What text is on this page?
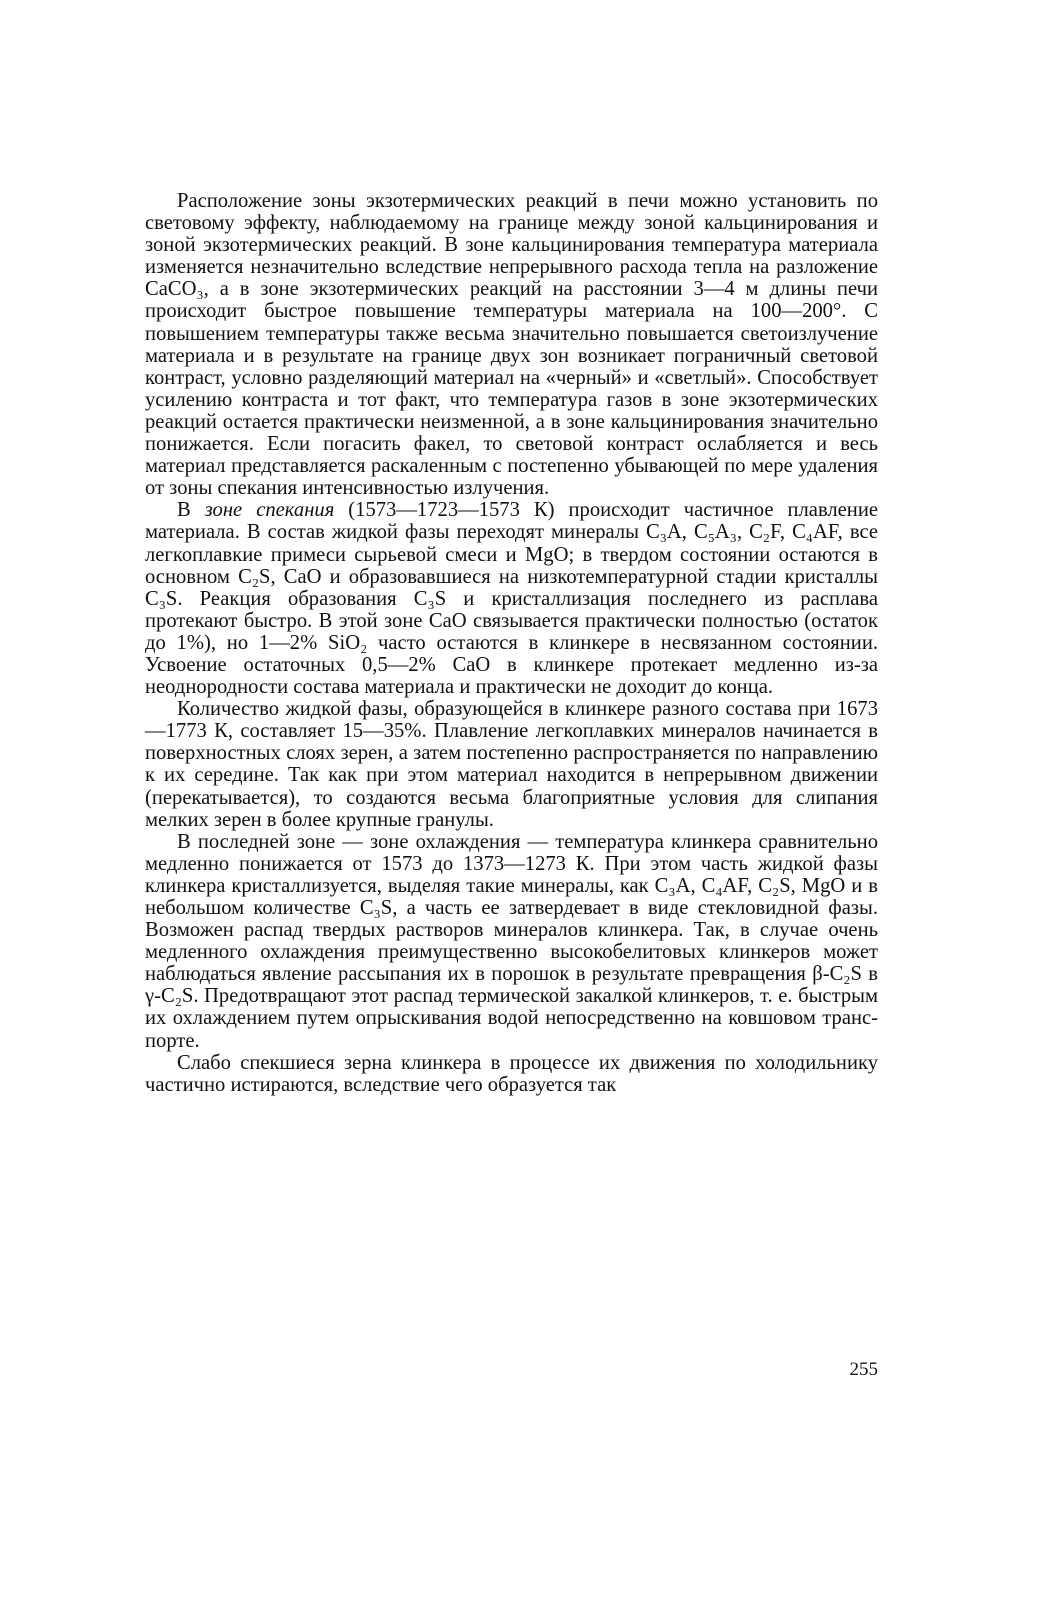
Расположение зоны экзотермических реакций в печи можно установить по световому эффекту, наблюдаемому на границе между зоной кальцинирования и зоной экзотермических реакций. В зоне кальцинирования температура материала изменяется незначительно вследствие непрерывного расхода тепла на разложение СаСО₃, а в зоне экзотермических реакций на расстоянии 3—4 м длины печи происходит быстрое повышение температуры материала на 100—200°. С повышением температуры также весьма значительно повышается светоизлучение материала и в результате на границе двух зон возникает пограничный световой контраст, условно разделяющий материал на «черный» и «светлый». Способствует усилению контраста и тот факт, что температура газов в зоне экзотермических реакций остается практически неизменной, а в зоне кальцинирования значительно понижается. Если погасить факел, то световой контраст ослабляется и весь материал представляется раскаленным с постепенно убывающей по мере удаления от зоны спекания интенсивностью излучения.

В зоне спекания (1573—1723—1573 К) происходит частичное плавление материала. В состав жидкой фазы переходят минералы С₃А, С₅А₃, С₂F, С₄АF, все легкоплавкие примеси сырьевой смеси и MgO; в твердом состоянии остаются в основном С₂S, СаО и образовавшиеся на низкотемпературной стадии кристаллы С₃S. Реакция образования С₃S и кристаллизация последнего из расплава протекают быстро. В этой зоне СаО связывается практически полностью (остаток до 1%), но 1—2% SiO₂ часто остаются в клинкере в несвязанном состоянии. Усвоение остаточных 0,5—2% СаО в клинкере протекает медленно из-за неоднородности состава материала и практически не доходит до конца.

Количество жидкой фазы, образующейся в клинкере разного состава при 1673—1773 К, составляет 15—35%. Плавление легкоплавких минералов начинается в поверхностных слоях зерен, а затем постепенно распространяется по направлению к их середине. Так как при этом материал находится в непрерывном движении (перекатывается), то создаются весьма благоприятные условия для слипания мелких зерен в более крупные гранулы.

В последней зоне — зоне охлаждения — температура клинкера сравнительно медленно понижается от 1573 до 1373—1273 К. При этом часть жидкой фазы клинкера кристаллизуется, выделяя такие минералы, как С₃А, С₄АF, С₂S, MgO и в небольшом количестве С₃S, а часть ее затвердевает в виде стекловидной фазы. Возможен распад твердых растворов минералов клинкера. Так, в случае очень медленного охлаждения преимущественно высокобелитовых клинкеров может наблюдаться явление рассыпания их в порошок в результате превращения β-С₂S в γ-С₂S. Предотвращают этот распад термической закалкой клинкеров, т. е. быстрым их охлаждением путем опрыскивания водой непосредственно на ковшовом транспорте.

Слабо спекшиеся зерна клинкера в процессе их движения по холодильнику частично истираются, вследствие чего образуется так

255
